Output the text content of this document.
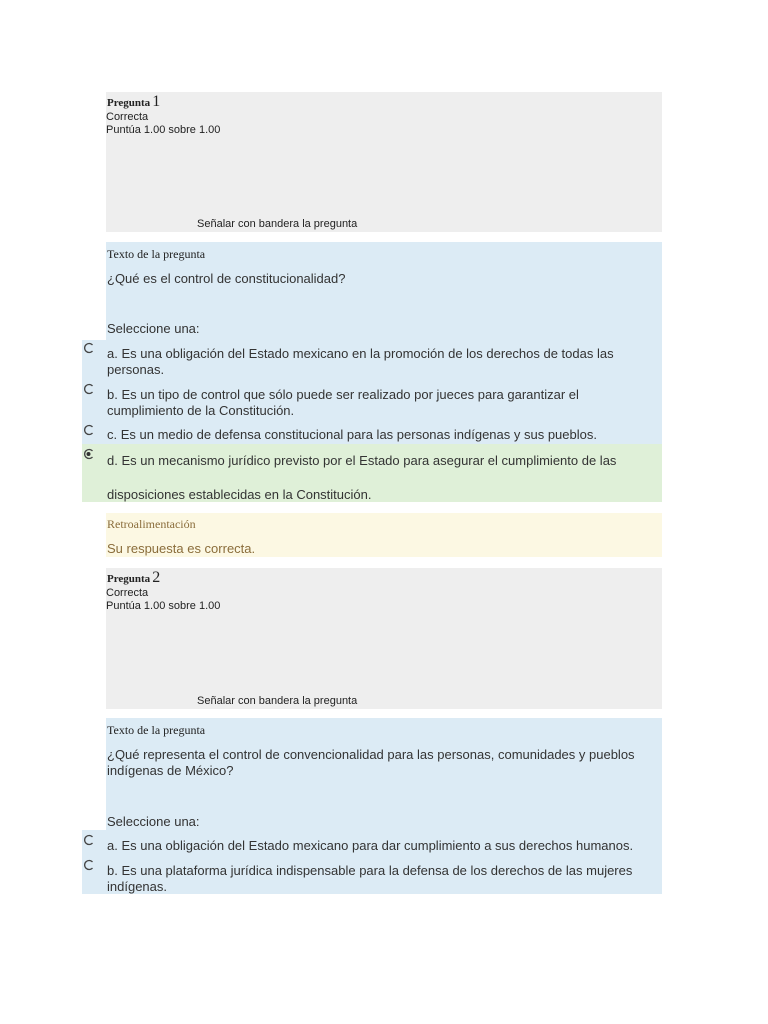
Pregunta 1
Correcta
Puntúa 1.00 sobre 1.00
Señalar con bandera la pregunta
Texto de la pregunta
¿Qué es el control de constitucionalidad?
Seleccione una:
a. Es una obligación del Estado mexicano en la promoción de los derechos de todas las personas.
b. Es un tipo de control que sólo puede ser realizado por jueces para garantizar el cumplimiento de la Constitución.
c. Es un medio de defensa constitucional para las personas indígenas y sus pueblos.
d. Es un mecanismo jurídico previsto por el Estado para asegurar el cumplimiento de las
disposiciones establecidas en la Constitución.
Retroalimentación
Su respuesta es correcta.
Pregunta 2
Correcta
Puntúa 1.00 sobre 1.00
Señalar con bandera la pregunta
Texto de la pregunta
¿Qué representa el control de convencionalidad para las personas, comunidades y pueblos indígenas de México?
Seleccione una:
a. Es una obligación del Estado mexicano para dar cumplimiento a sus derechos humanos.
b. Es una plataforma jurídica indispensable para la defensa de los derechos de las mujeres indígenas.
